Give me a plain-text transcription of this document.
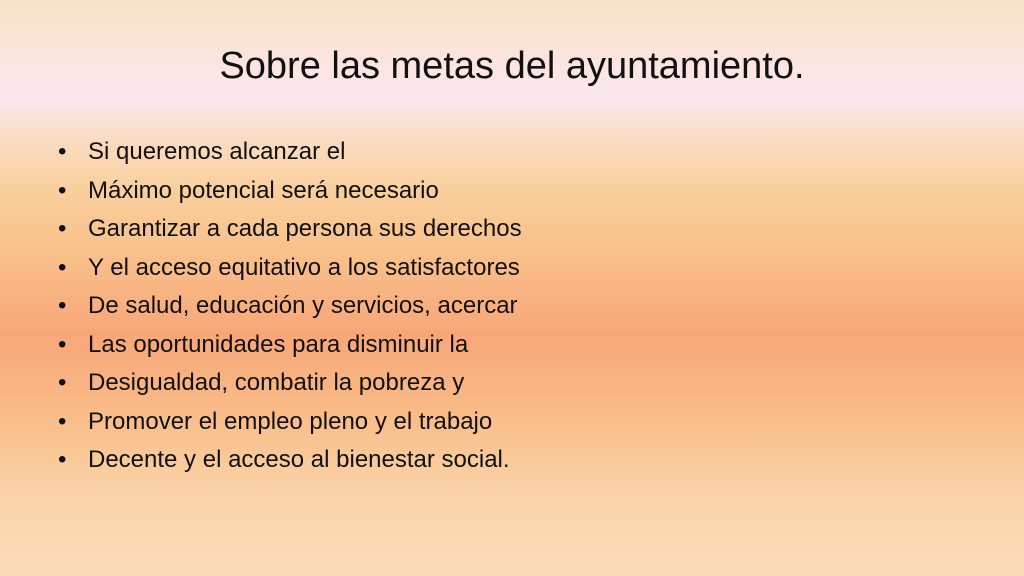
Sobre las metas del ayuntamiento.
• Si queremos alcanzar el
• Máximo potencial será necesario
• Garantizar a cada persona sus derechos
• Y el acceso equitativo a los satisfactores
• De salud, educación y servicios, acercar
• Las oportunidades para disminuir la
• Desigualdad, combatir la pobreza y
• Promover el empleo pleno y el trabajo
• Decente y el acceso al bienestar social.
